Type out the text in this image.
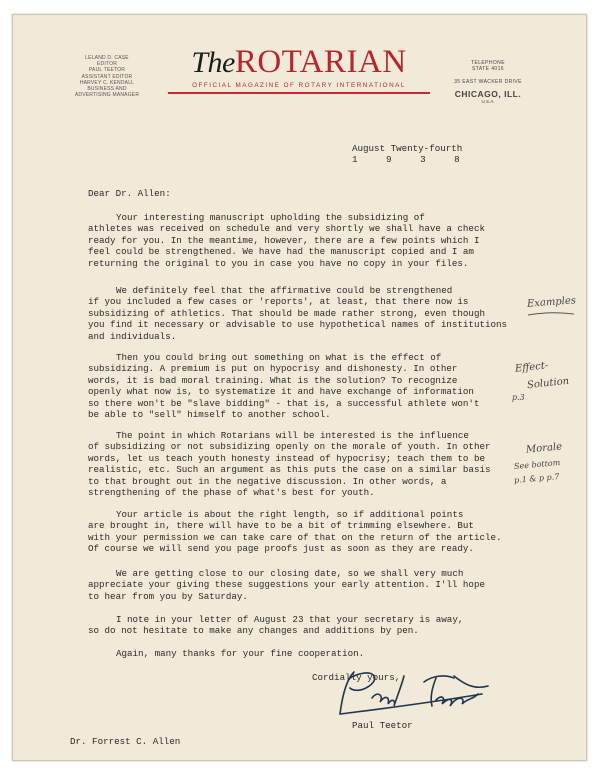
LELAND D. CASE
EDITOR
PAUL TEETOR
ASSISTANT EDITOR
HARVEY C. KENDALL
BUSINESS AND
ADVERTISING MANAGER
TheROTARIAN
OFFICIAL MAGAZINE OF ROTARY INTERNATIONAL
TELEPHONE
STATE 4016
35 EAST WACKER DRIVE
CHICAGO, ILL.
U.S.A.
August Twenty-fourth
1   9   3   8
Dear Dr. Allen:
Your interesting manuscript upholding the subsidizing of
athletes was received on schedule and very shortly we shall have a check
ready for you. In the meantime, however, there are a few points which I
feel could be strengthened. We have had the manuscript copied and I am
returning the original to you in case you have no copy in your files.
We definitely feel that the affirmative could be strengthened
if you included a few cases or 'reports', at least, that there now is
subsidizing of athletics. That should be made rather strong, even though
you find it necessary or advisable to use hypothetical names of institutions
and individuals.
Then you could bring out something on what is the effect of
subsidizing. A premium is put on hypocrisy and dishonesty. In other
words, it is bad moral training. What is the solution? To recognize
openly what now is, to systematize it and have exchange of information
so there won't be "slave bidding" - that is, a successful athlete won't
be able to "sell" himself to another school.
The point in which Rotarians will be interested is the influence
of subsidizing or not subsidizing openly on the morale of youth. In other
words, let us teach youth honesty instead of hypocrisy; teach them to be
realistic, etc. Such an argument as this puts the case on a similar basis
to that brought out in the negative discussion. In other words, a
strengthening of the phase of what's best for youth.
Your article is about the right length, so if additional points
are brought in, there will have to be a bit of trimming elsewhere. But
with your permission we can take care of that on the return of the article.
Of course we will send you page proofs just as soon as they are ready.
We are getting close to our closing date, so we shall very much
appreciate your giving these suggestions your early attention. I'll hope
to hear from you by Saturday.
I note in your letter of August 23 that your secretary is away,
so do not hesitate to make any changes and additions by pen.
Again, many thanks for your fine cooperation.
Examples
Effect-
Solution
p.3
Morale
See bottom
p.1 & p p.7
Cordially yours,
Paul Teetor
Dr. Forrest C. Allen
